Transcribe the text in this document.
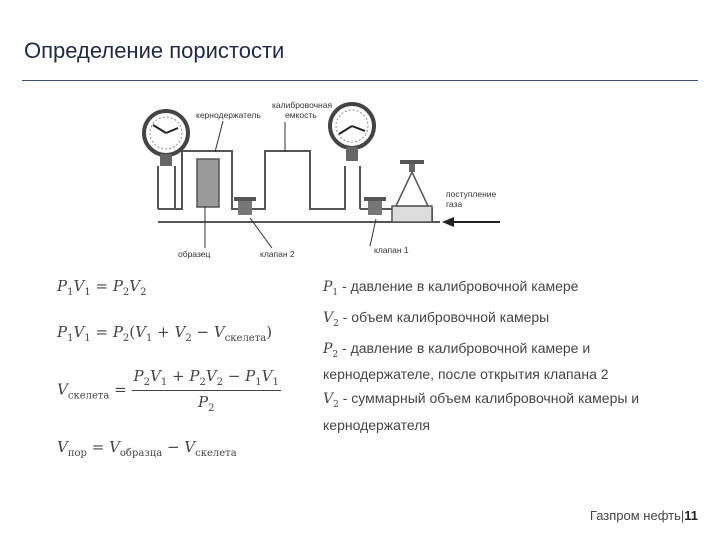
Определение пористости
кернодержатель
калибровочная
емкость
поступление
газа
образец	клапан 2	клапан 1
$P_1V_1 = P_2V_2$
$P_1V_1 = P_2(V_1 + V_2 - V_{скелета})$
$V_{скелета} = \frac{P_2V_1 + P_2V_2 - P_1V_1}{P_2}$
$V_{пор} = V_{образца} - V_{скелета}$

$P_1$ - давление в калибровочной камере

$V_2$ - объем калибровочной камеры

$P_2$ - давление в калибровочной камере и кернодержателе, после открытия клапана 2

$V_2$ - суммарный объем калибровочной камеры и кернодержателя

Газпром нефть|11
